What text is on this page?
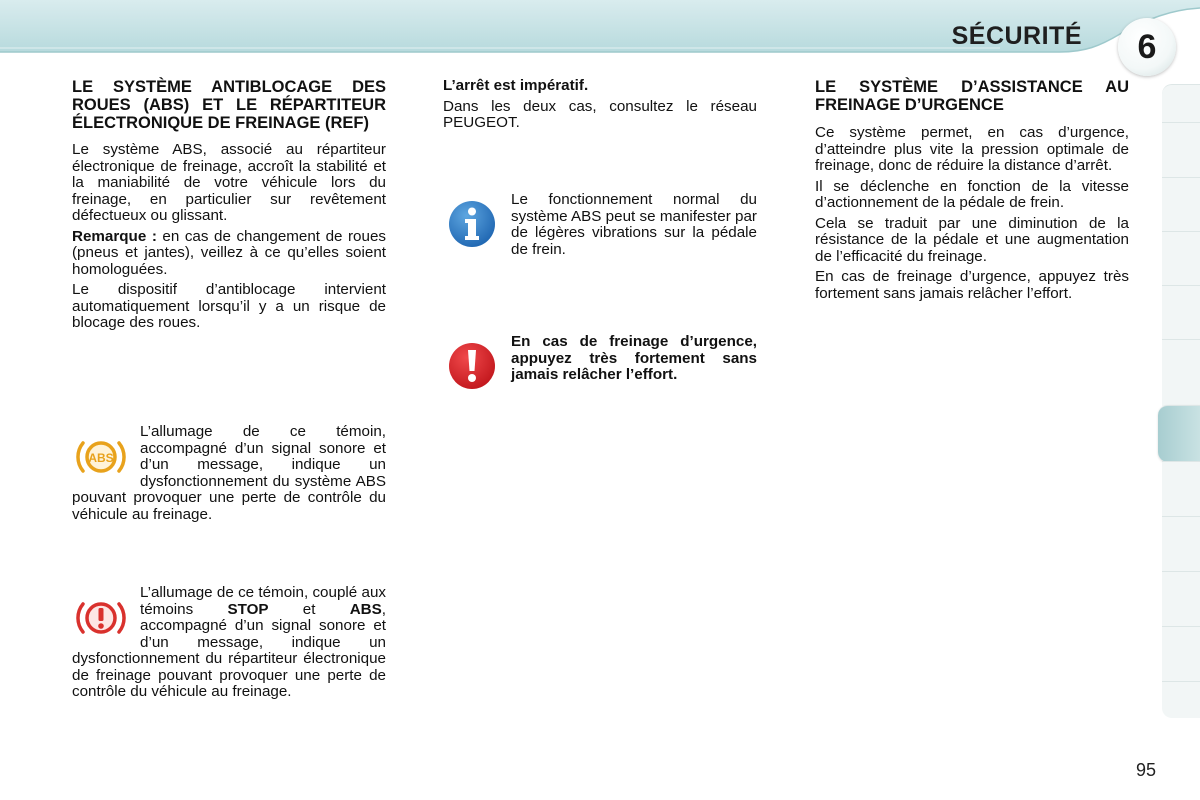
SÉCURITÉ 6
LE SYSTÈME ANTIBLOCAGE DES ROUES (ABS) ET LE RÉPARTITEUR ÉLECTRONIQUE DE FREINAGE (REF)

Le système ABS, associé au répartiteur électronique de freinage, accroît la stabilité et la maniabilité de votre véhicule lors du freinage, en particulier sur revêtement défectueux ou glissant.

Remarque : en cas de changement de roues (pneus et jantes), veillez à ce qu’elles soient homologuées.

Le dispositif d’antiblocage intervient automatiquement lorsqu’il y a un risque de blocage des roues.

ABS
L’allumage de ce témoin, accompagné d’un signal sonore et d’un message, indique un dysfonctionnement du système ABS pouvant provoquer une perte de contrôle du véhicule au freinage.
L’allumage de ce témoin, couplé aux témoins STOP et ABS, accompagné d’un signal sonore et d’un message, indique un dysfonctionnement du répartiteur électronique de freinage pouvant provoquer une perte de contrôle du véhicule au freinage.

L’arrêt est impératif.

Dans les deux cas, consultez le réseau PEUGEOT.

Le fonctionnement normal du système ABS peut se manifester par de légères vibrations sur la pédale de frein.
En cas de freinage d’urgence, appuyez très fortement sans jamais relâcher l’effort.
LE SYSTÈME D’ASSISTANCE AU FREINAGE D’URGENCE

Ce système permet, en cas d’urgence, d’atteindre plus vite la pression optimale de freinage, donc de réduire la distance d’arrêt.

Il se déclenche en fonction de la vitesse d’actionnement de la pédale de frein.

Cela se traduit par une diminution de la résistance de la pédale et une augmentation de l’efficacité du freinage.

En cas de freinage d’urgence, appuyez très fortement sans jamais relâcher l’effort.

95
